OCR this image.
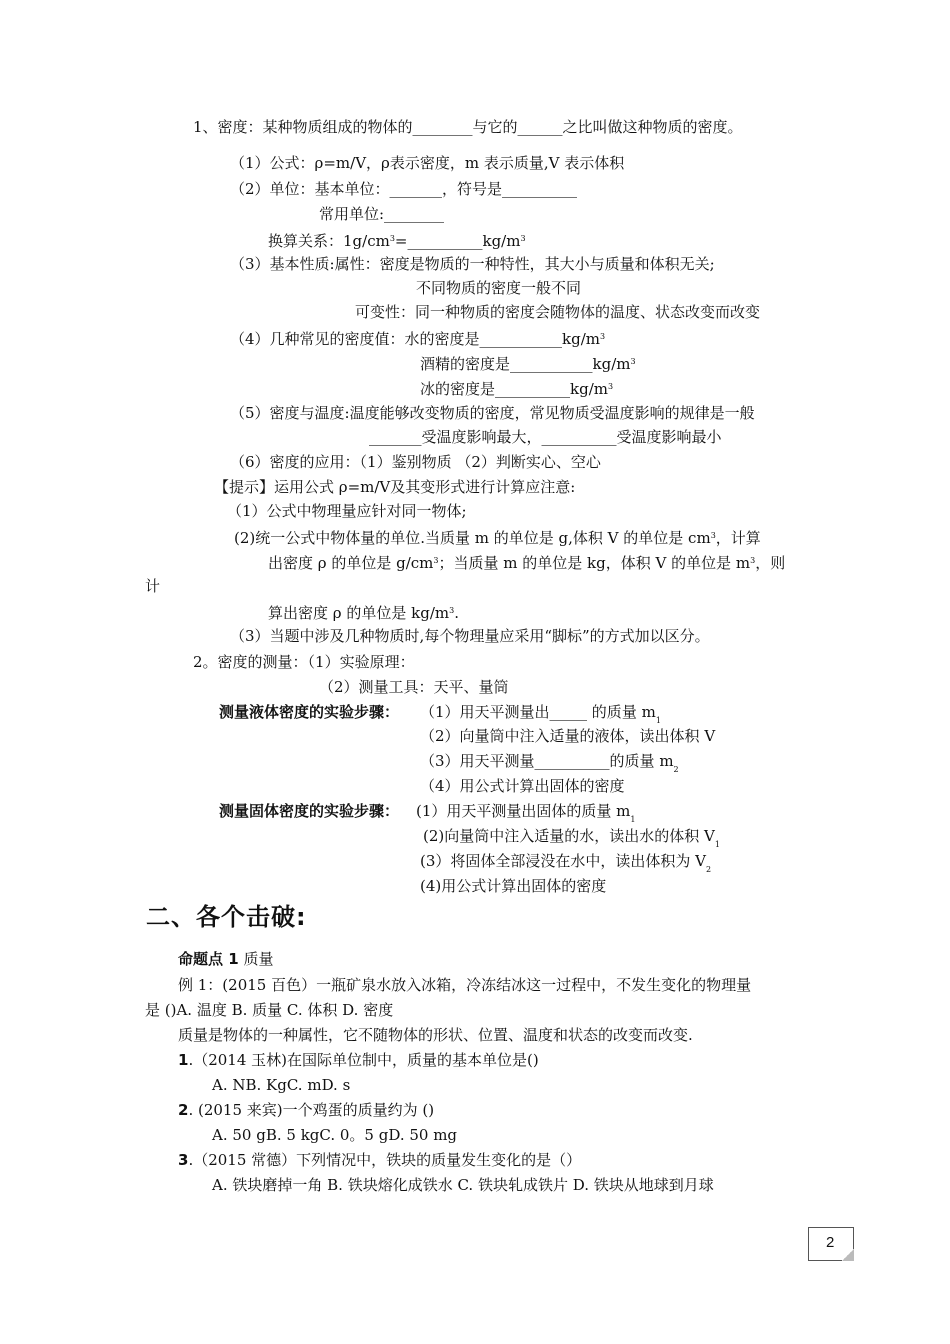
1、密度：某种物质组成的物体的________与它的______之比叫做这种物质的密度。
（1）公式：ρ=m/V，ρ表示密度，m 表示质量,V 表示体积
（2）单位：基本单位：_______，符号是__________
常用单位:________
换算关系：$1g/cm^3=\_\_\_\_\_\_\_\_\_\_kg/m^3$
（3）基本性质:属性：密度是物质的一种特性，其大小与质量和体积无关;
不同物质的密度一般不同
可变性：同一种物质的密度会随物体的温度、状态改变而改变
（4）几种常见的密度值：水的密度是$\_\_\_\_\_\_\_\_\_\_\_kg/m^3$
酒精的密度是$\_\_\_\_\_\_\_\_\_\_\_kg/m^3$
冰的密度是$\_\_\_\_\_\_\_\_\_\_kg/m^3$
（5）密度与温度:温度能够改变物质的密度，常见物质受温度影响的规律是一般
_______受温度影响最大，__________受温度影响最小
（6）密度的应用：（1）鉴别物质 （2）判断实心、空心
【提示】运用公式 ρ=m/V及其变形式进行计算应注意:
（1）公式中物理量应针对同一物体;
(2)统一公式中物体量的单位.当质量 m 的单位是 g,体积 V 的单位是 $cm^3$，计算
出密度 ρ 的单位是 $g/cm^3$；当质量 m 的单位是 kg，体积 V 的单位是 $m^3$，则
计
算出密度 ρ 的单位是 $kg/m^3$.
（3）当题中涉及几种物质时,每个物理量应采用“脚标”的方式加以区分。
2。密度的测量：（1）实验原理：
（2）测量工具：天平、量筒
测量液体密度的实验步骤： （1）用天平测量出_____ 的质量 $m_1$
（2）向量筒中注入适量的液体，读出体积 V
（3）用天平测量__________的质量 $m_2$
（4）用公式计算出固体的密度
测量固体密度的实验步骤： (1）用天平测量出固体的质量 $m_1$
(2)向量筒中注入适量的水，读出水的体积 $V_1$
(3）将固体全部浸没在水中，读出体积为 $V_2$
(4)用公式计算出固体的密度
二、各个击破:
命题点 1 质量
例 1：(2015 百色）一瓶矿泉水放入冰箱，冷冻结冰这一过程中，不发生变化的物理量
是 ()A. 温度 B. 质量 C. 体积 D. 密度
质量是物体的一种属性，它不随物体的形状、位置、温度和状态的改变而改变.
1.（2014 玉林)在国际单位制中，质量的基本单位是()
A. NB. KgC. mD. s
2. (2015 来宾)一个鸡蛋的质量约为 ()
A. 50 gB. 5 kgC. 0。5 gD. 50 mg
3.（2015 常德）下列情况中，铁块的质量发生变化的是（）
A. 铁块磨掉一角 B. 铁块熔化成铁水 C. 铁块轧成铁片 D. 铁块从地球到月球
2
